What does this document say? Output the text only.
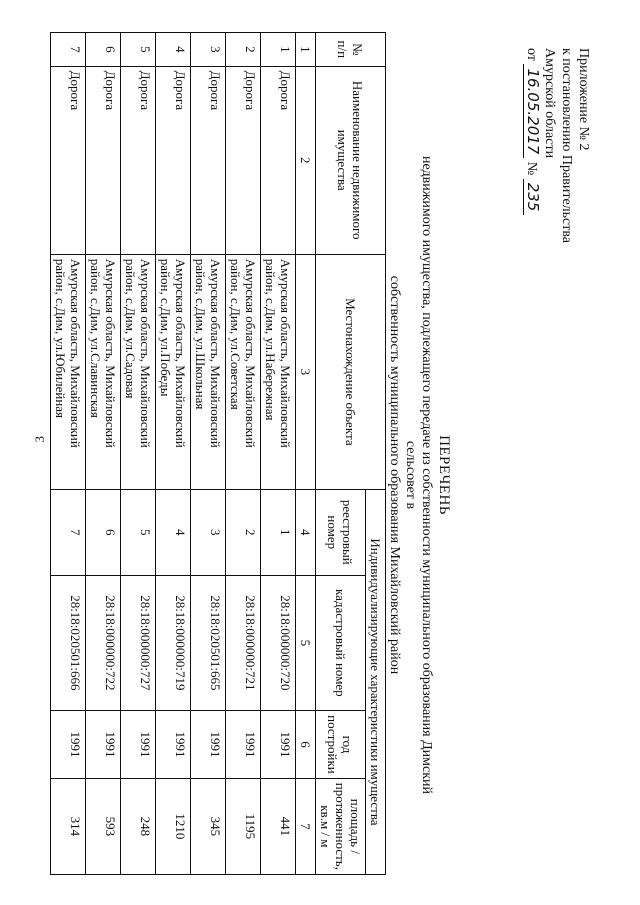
3
Приложение № 2
к постановлению Правительства
Амурской области
от 16.05.2017 № 235
ПЕРЕЧЕНЬ
недвижимого имущества, подлежащего передаче из собственности муниципального образования Димский сельсовет в
собственность муниципального образования Михайловский район
№ п/п	Наименование недвижимого имущества	Местонахождение объекта	Индивидуализирующие характеристики имущества			
			реестровый номер	кадастровый номер	год постройки	площадь / протяженность, кв.м / м
1	2	3	4	5	6	7
1	Дорога	Амурская область, Михайловский район, с.Дим, ул.Набережная	1	28:18:000000:720	1991	441
2	Дорога	Амурская область, Михайловский район, с.Дим, ул.Советская	2	28:18:000000:721	1991	1195
3	Дорога	Амурская область, Михайловский район, с.Дим, ул.Школьная	3	28:18:020501:665	1991	345
4	Дорога	Амурская область, Михайловский район, с.Дим, ул.Победы	4	28:18:000000:719	1991	1210
5	Дорога	Амурская область, Михайловский район, с.Дим, ул.Садовая	5	28:18:000000:727	1991	248
6	Дорога	Амурская область, Михайловский район, с.Дим, ул.Славинская	6	28:18:000000:722	1991	593
7	Дорога	Амурская область, Михайловский район, с.Дим, ул.Юбилейная	7	28:18:020501:666	1991	314
